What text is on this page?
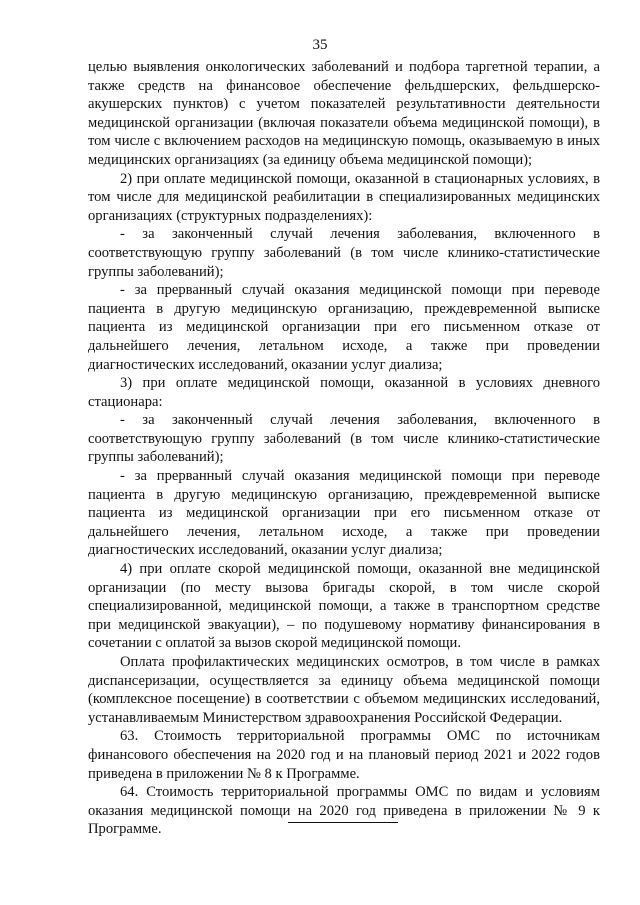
35

целью выявления онкологических заболеваний и подбора таргетной терапии, а также средств на финансовое обеспечение фельдшерских, фельдшерско-акушерских пунктов) с учетом показателей результативности деятельности медицинской организации (включая показатели объема медицинской помощи), в том числе с включением расходов на медицинскую помощь, оказываемую в иных медицинских организациях (за единицу объема медицинской помощи);

2) при оплате медицинской помощи, оказанной в стационарных условиях, в том числе для медицинской реабилитации в специализированных медицинских организациях (структурных подразделениях):

- за законченный случай лечения заболевания, включенного в соответствующую группу заболеваний (в том числе клинико-статистические группы заболеваний);

- за прерванный случай оказания медицинской помощи при переводе пациента в другую медицинскую организацию, преждевременной выписке пациента из медицинской организации при его письменном отказе от дальнейшего лечения, летальном исходе, а также при проведении диагностических исследований, оказании услуг диализа;

3) при оплате медицинской помощи, оказанной в условиях дневного стационара:

- за законченный случай лечения заболевания, включенного в соответствующую группу заболеваний (в том числе клинико-статистические группы заболеваний);

- за прерванный случай оказания медицинской помощи при переводе пациента в другую медицинскую организацию, преждевременной выписке пациента из медицинской организации при его письменном отказе от дальнейшего лечения, летальном исходе, а также при проведении диагностических исследований, оказании услуг диализа;

4) при оплате скорой медицинской помощи, оказанной вне медицинской организации (по месту вызова бригады скорой, в том числе скорой специализированной, медицинской помощи, а также в транспортном средстве при медицинской эвакуации), – по подушевому нормативу финансирования в сочетании с оплатой за вызов скорой медицинской помощи.

Оплата профилактических медицинских осмотров, в том числе в рамках диспансеризации, осуществляется за единицу объема медицинской помощи (комплексное посещение) в соответствии с объемом медицинских исследований, устанавливаемым Министерством здравоохранения Российской Федерации.

63. Стоимость территориальной программы ОМС по источникам финансового обеспечения на 2020 год и на плановый период 2021 и 2022 годов приведена в приложении № 8 к Программе.

64. Стоимость территориальной программы ОМС по видам и условиям оказания медицинской помощи на 2020 год приведена в приложении № 9 к Программе.
